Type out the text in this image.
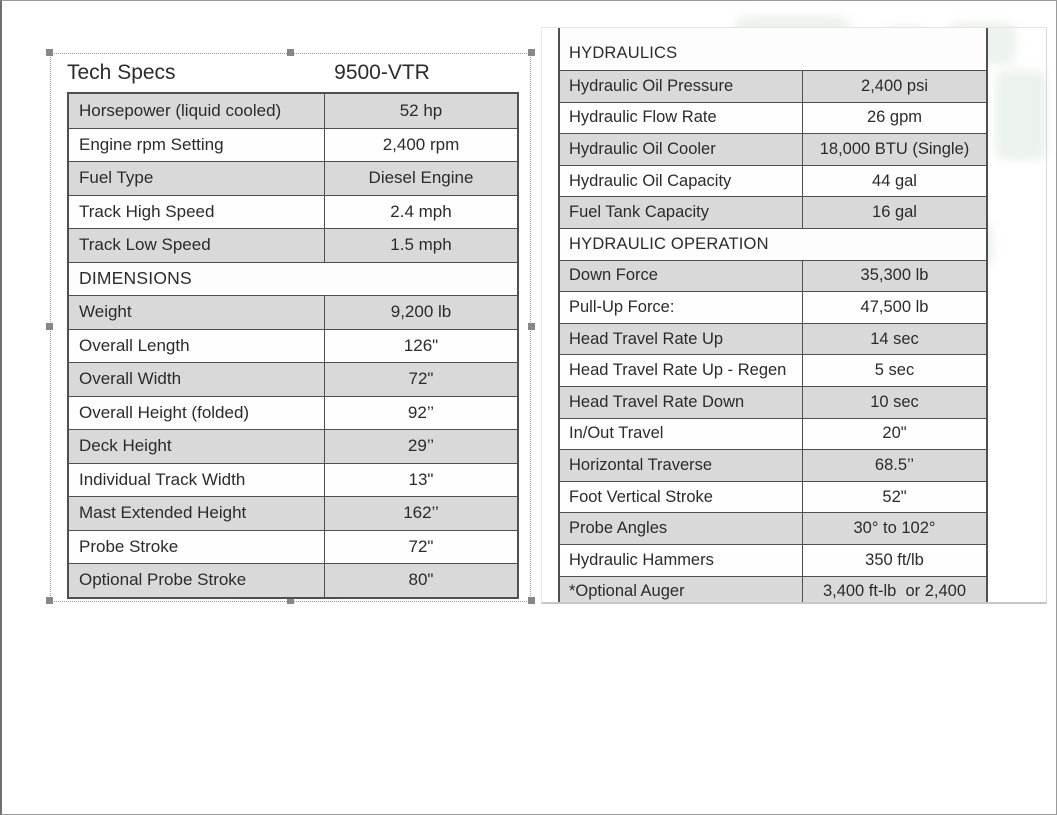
Tech Specs	9500-VTR
Horsepower (liquid cooled)	52 hp
Engine rpm Setting	2,400 rpm
Fuel Type	Diesel Engine
Track High Speed	2.4 mph
Track Low Speed	1.5 mph
DIMENSIONS
Weight	9,200 lb
Overall Length	126"
Overall Width	72"
Overall Height (folded)	92’’
Deck Height	29’’
Individual Track Width	13"
Mast Extended Height	162’’
Probe Stroke	72"
Optional Probe Stroke	80"
HYDRAULICS
Hydraulic Oil Pressure	2,400 psi
Hydraulic Flow Rate	26 gpm
Hydraulic Oil Cooler	18,000 BTU (Single)
Hydraulic Oil Capacity	44 gal
Fuel Tank Capacity	16 gal
HYDRAULIC OPERATION
Down Force	35,300 lb
Pull-Up Force:	47,500 lb
Head Travel Rate Up	14 sec
Head Travel Rate Up - Regen	5 sec
Head Travel Rate Down	10 sec
In/Out Travel	20"
Horizontal Traverse	68.5’’
Foot Vertical Stroke	52"
Probe Angles	30° to 102°
Hydraulic Hammers	350 ft/lb
*Optional Auger	3,400 ft-lb  or 2,400
